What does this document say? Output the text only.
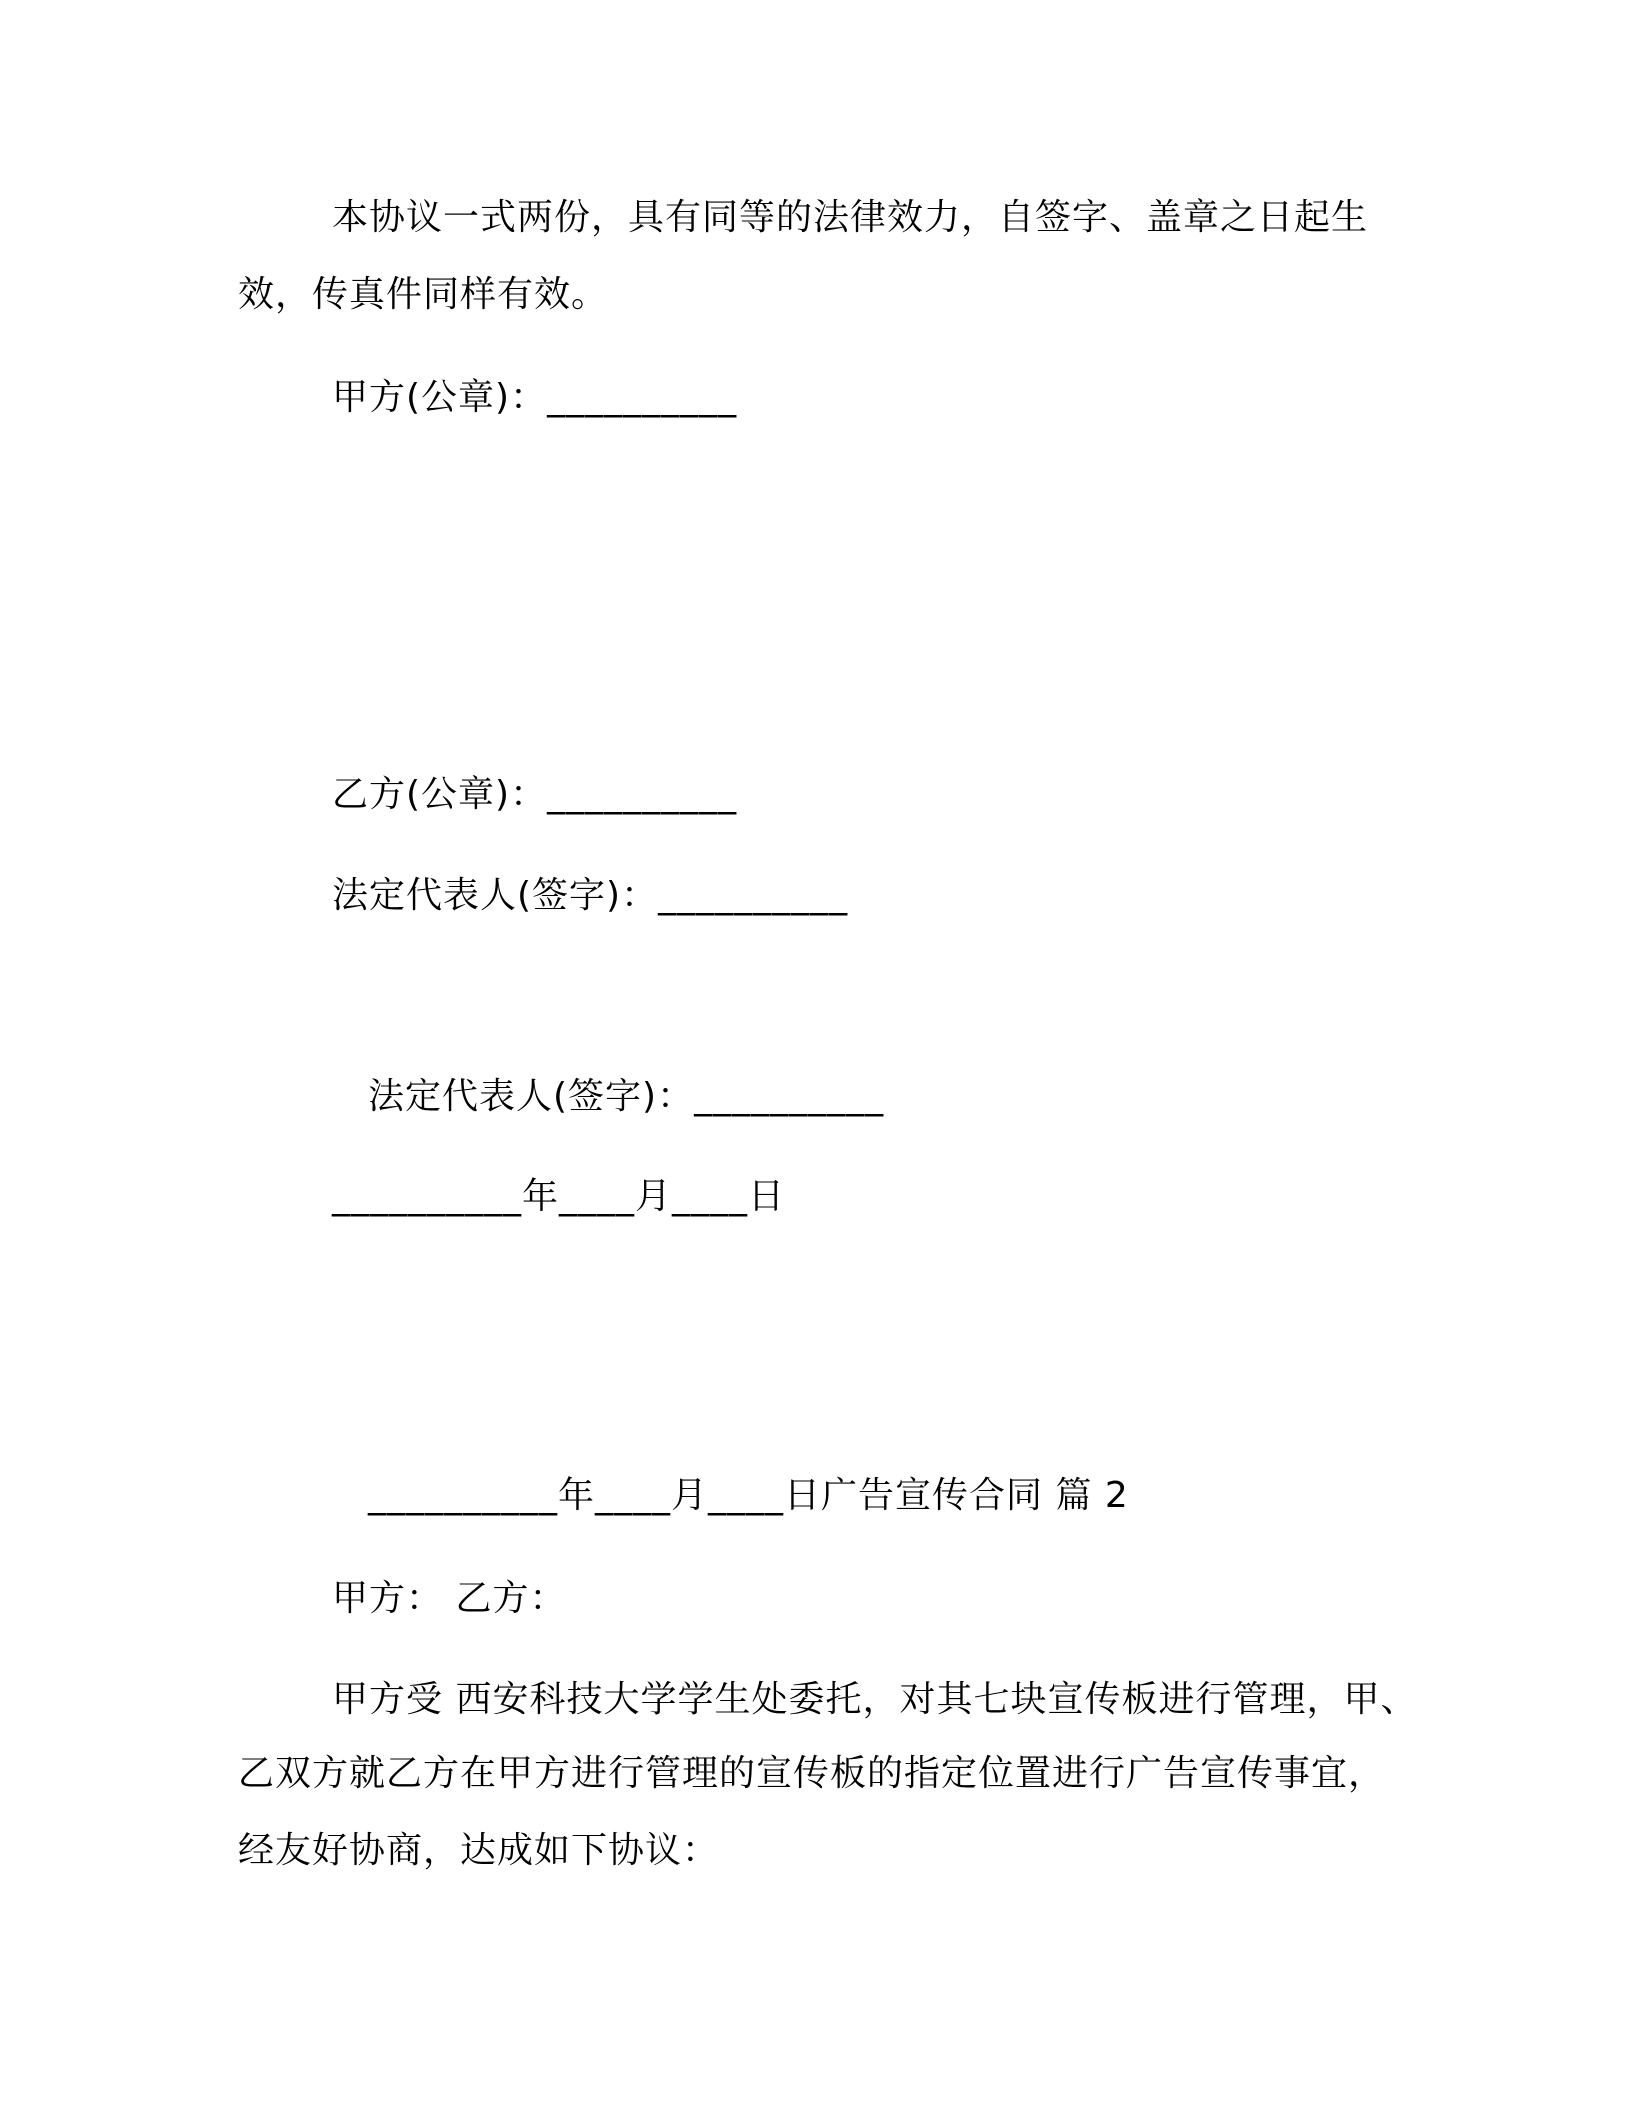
本协议一式两份，具有同等的法律效力，自签字、盖章之日起生
效，传真件同样有效。
甲方(公章)：__________
乙方(公章)：__________
法定代表人(签字)：__________
法定代表人(签字)：__________
__________年____月____日
__________年____月____日广告宣传合同 篇 2
甲方： 乙方：
甲方受 西安科技大学学生处委托，对其七块宣传板进行管理，甲、
乙双方就乙方在甲方进行管理的宣传板的指定位置进行广告宣传事宜，
经友好协商，达成如下协议：
